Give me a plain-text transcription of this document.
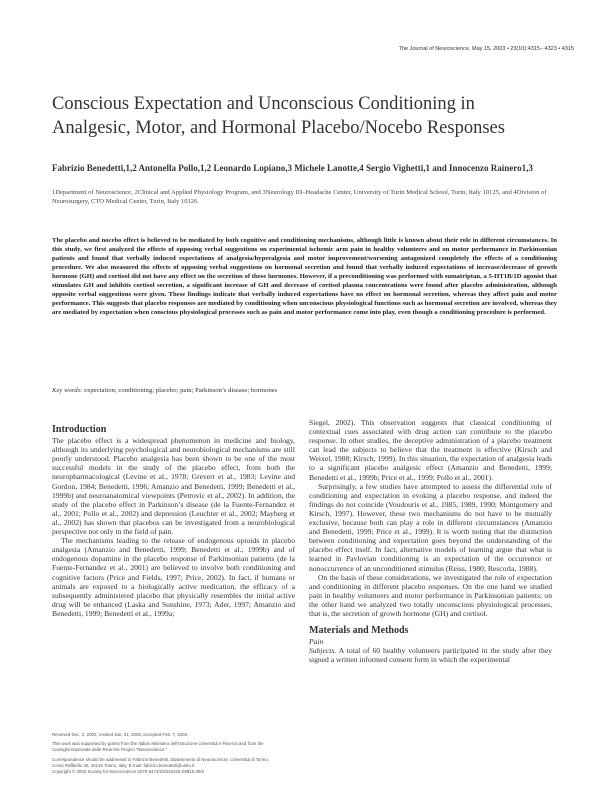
The Journal of Neuroscience, May 15, 2003 • 23(10):4315– 4323 • 4315
Conscious Expectation and Unconscious Conditioning in Analgesic, Motor, and Hormonal Placebo/Nocebo Responses
Fabrizio Benedetti,1,2 Antonella Pollo,1,2 Leonardo Lopiano,3 Michele Lanotte,4 Sergio Vighetti,1 and Innocenzo Rainero1,3
1Department of Neuroscience, 2Clinical and Applied Physiology Program, and 3Neurology III–Headache Center, University of Turin Medical School, Turin, Italy 10125, and 4Division of Neurosurgery, CTO Medical Center, Turin, Italy 10126
The placebo and nocebo effect is believed to be mediated by both cognitive and conditioning mechanisms, although little is known about their role in different circumstances. In this study, we first analyzed the effects of opposing verbal suggestions on experimental ischemic arm pain in healthy volunteers and on motor performance in Parkinsonian patients and found that verbally induced expectations of analgesia/hyperalgesia and motor improvement/worsening antagonized completely the effects of a conditioning procedure. We also measured the effects of opposing verbal suggestions on hormonal secretion and found that verbally induced expectations of increase/decrease of growth hormone (GH) and cortisol did not have any effect on the secretion of these hormones. However, if a preconditioning was performed with sumatriptan, a 5-HT1B/1D agonist that stimulates GH and inhibits cortisol secretion, a significant increase of GH and decrease of cortisol plasma concentrations were found after placebo administration, although opposite verbal suggestions were given. These findings indicate that verbally induced expectations have no effect on hormonal secretion, whereas they affect pain and motor performance. This suggests that placebo responses are mediated by conditioning when unconscious physiological functions such as hormonal secretion are involved, whereas they are mediated by expectation when conscious physiological processes such as pain and motor performance come into play, even though a conditioning procedure is performed.
Key words: expectation; conditioning; placebo; pain; Parkinson’s disease; hormones
Introduction

The placebo effect is a widespread phenomenon in medicine and biology, although its underlying psychological and neurobiological mechanisms are still poorly understood. Placebo analgesia has been shown to be one of the most successful models in the study of the placebo effect, from both the neuropharmacological (Levine et al., 1978; Grevert et al., 1983; Levine and Gordon, 1984; Benedetti, 1996; Amanzio and Benedetti, 1999; Benedetti et al., 1999b) and neuroanatomical viewpoints (Petrovic et al., 2002). In addition, the study of the placebo effect in Parkinson’s disease (de la Fuente-Fernandez et al., 2001; Pollo et al., 2002) and depression (Leuchter et al., 2002; Mayberg et al., 2002) has shown that placebos can be investigated from a neurobiological perspective not only in the field of pain.

The mechanisms leading to the release of endogenous opioids in placebo analgesia (Amanzio and Benedetti, 1999; Benedetti et al., 1999b) and of endogenous dopamine in the placebo response of Parkinsonian patients (de la Fuente-Fernandez et al., 2001) are believed to involve both conditioning and cognitive factors (Price and Fields, 1997; Price, 2002). In fact, if humans or animals are exposed to a biologically active medication, the efficacy of a subsequently administered placebo that physically resembles the initial active drug will be enhanced (Laska and Sunshine, 1973; Ader, 1997; Amanzio and Benedetti, 1999; Benedetti et al., 1999a;

Siegel, 2002). This observation suggests that classical conditioning of contextual cues associated with drug action can contribute to the placebo response. In other studies, the deceptive administration of a placebo treatment can lead the subjects to believe that the treatment is effective (Kirsch and Weixel, 1988; Kirsch, 1999). In this situation, the expectation of analgesia leads to a significant placebo analgesic effect (Amanzio and Benedetti, 1999; Benedetti et al., 1999b; Price et al., 1999; Pollo et al., 2001).

Surprisingly, a few studies have attempted to assess the differential role of conditioning and expectation in evoking a placebo response, and indeed the findings do not coincide (Voudouris et al., 1985, 1989, 1990; Montgomery and Kirsch, 1997). However, these two mechanisms do not have to be mutually exclusive, because both can play a role in different circumstances (Amanzio and Benedetti, 1999; Price et al., 1999). It is worth noting that the distinction between conditioning and expectation goes beyond the understanding of the placebo effect itself. In fact, alternative models of learning argue that what is learned in Pavlovian conditioning is an expectation of the occurrence or nonoccurrence of an unconditioned stimulus (Reiss, 1980; Rescorla, 1988).

On the basis of these considerations, we investigated the role of expectation and conditioning in different placebo responses. On the one hand we studied pain in healthy volunteers and motor performance in Parkinsonian patients; on the other hand we analyzed two totally unconscious physiological processes, that is, the secretion of growth hormone (GH) and cortisol.

Materials and Methods
Pain

Subjects. A total of 60 healthy volunteers participated in the study after they signed a written informed consent form in which the experimental

Received Dec. 2, 2002; revised Jan. 31, 2003; accepted Feb. 7, 2003.
This work was supported by grants from the Italian Ministero dell’Istruzione Università e Ricerca and from the
Consiglio Nazionale delle Ricerche Project “Neuroscience.”
Correspondence should be addressed to Fabrizio Benedetti, Dipartimento di Neuroscienze, Università di Torino,
Corso Raffaello 30, 10125 Torino, Italy. E-mail: fabrizio.benedetti@unito.it
Copyright © 2003 Society for Neuroscience 0270-6474/03/234315-09$15.00/0
